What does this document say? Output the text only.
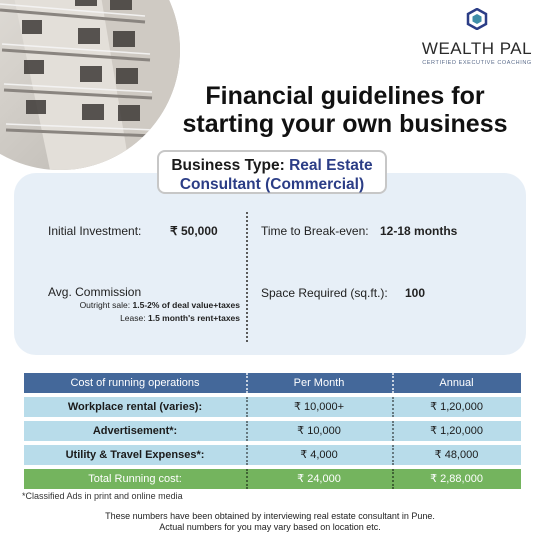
WEALTH PAL
CERTIFIED EXECUTIVE COACHING
Financial guidelines for
starting your own business
Business Type: Real Estate
Consultant (Commercial)
Initial Investment: ₹ 50,000	Time to Break-even: 12-18 months
Avg. Commission
Outright sale: 1.5-2% of deal value+taxes
Lease: 1.5 month's rent+taxes
Space Required (sq.ft.): 100
Cost of running operations	Per Month	Annual
Workplace rental (varies):	₹ 10,000+	₹ 1,20,000
Advertisement*:	₹ 10,000	₹ 1,20,000
Utility & Travel Expenses*:	₹ 4,000	₹ 48,000
Total Running cost:	₹ 24,000	₹ 2,88,000
*Classified Ads in print and online media
These numbers have been obtained by interviewing real estate consultant in Pune.
Actual numbers for you may vary based on location etc.
